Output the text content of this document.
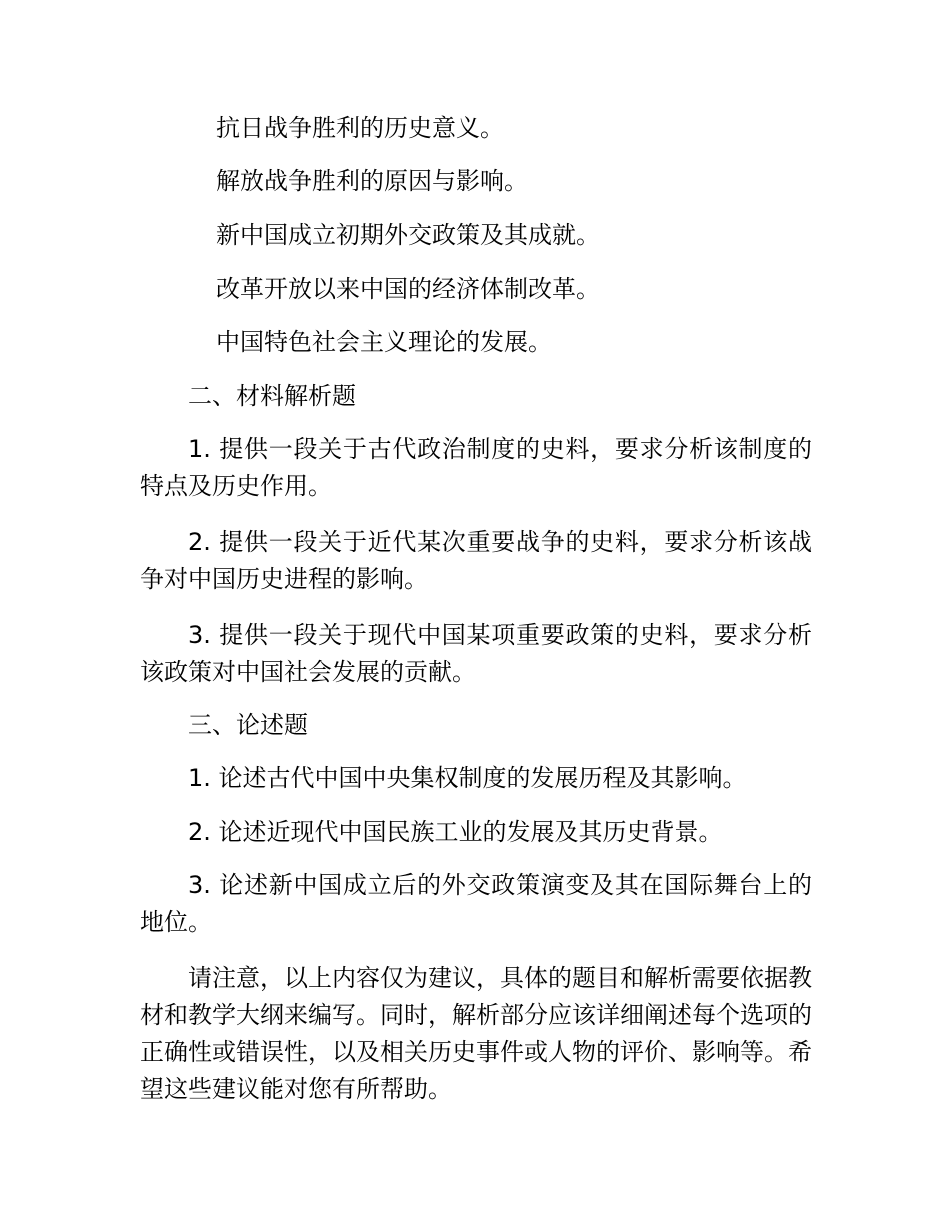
抗日战争胜利的历史意义。

解放战争胜利的原因与影响。

新中国成立初期外交政策及其成就。

改革开放以来中国的经济体制改革。

中国特色社会主义理论的发展。

二、材料解析题

1. 提供一段关于古代政治制度的史料，要求分析该制度的特点及历史作用。

2. 提供一段关于近代某次重要战争的史料，要求分析该战争对中国历史进程的影响。

3. 提供一段关于现代中国某项重要政策的史料，要求分析该政策对中国社会发展的贡献。

三、论述题

1. 论述古代中国中央集权制度的发展历程及其影响。

2. 论述近现代中国民族工业的发展及其历史背景。

3. 论述新中国成立后的外交政策演变及其在国际舞台上的地位。

请注意，以上内容仅为建议，具体的题目和解析需要依据教材和教学大纲来编写。同时，解析部分应该详细阐述每个选项的正确性或错误性，以及相关历史事件或人物的评价、影响等。希望这些建议能对您有所帮助。
